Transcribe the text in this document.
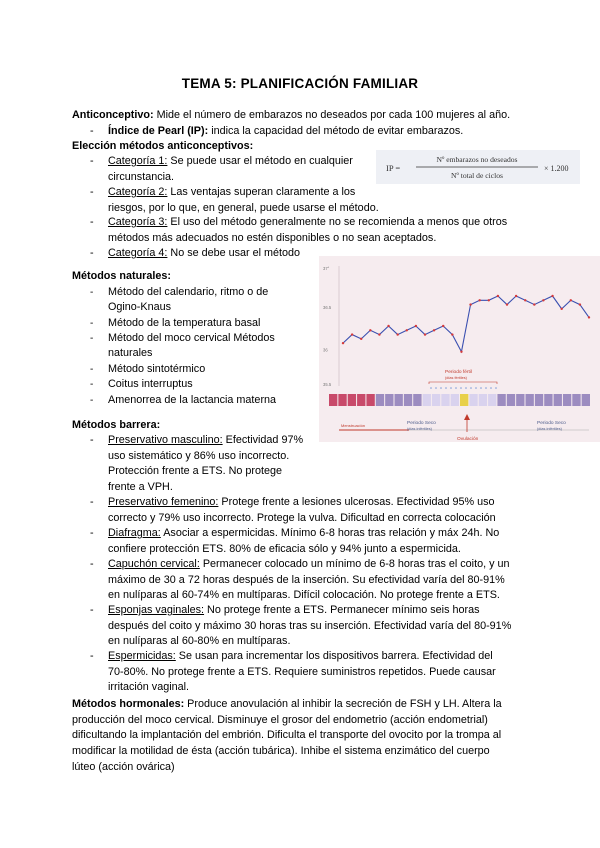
TEMA 5: PLANIFICACIÓN FAMILIAR
Anticonceptivo: Mide el número de embarazos no deseados por cada 100 mujeres al año.
- Índice de Pearl (IP): indica la capacidad del método de evitar embarazos.
Elección métodos anticonceptivos:
- Categoría 1: Se puede usar el método en cualquier
circunstancia.
- Categoría 2: Las ventajas superan claramente a los
riesgos, por lo que, en general, puede usarse el método.
- Categoría 3: El uso del método generalmente no se recomienda a menos que otros
métodos más adecuados no estén disponibles o no sean aceptados.
- Categoría 4: No se debe usar el método
IP =
Nº embarazos no deseados
Nº total de ciclos
× 1.200
Métodos naturales:
- Método del calendario, ritmo o de
Ogino-Knaus
- Método de la temperatura basal
- Método del moco cervical Métodos
naturales
- Método sintotérmico
- Coitus interruptus
- Amenorrea de la lactancia materna
37°
36.5
36
35.5
Periodo fértil
(días fértiles)
Menstruación	Periodo Seco
(días infértiles)
Ovulación
Periodo Seco
(días infértiles)
Métodos barrera:
- Preservativo masculino: Efectividad 97%
uso sistemático y 86% uso incorrecto.
Protección frente a ETS. No protege
frente a VPH.
- Preservativo femenino: Protege frente a lesiones ulcerosas. Efectividad 95% uso
correcto y 79% uso incorrecto. Protege la vulva. Dificultad en correcta colocación
- Diafragma: Asociar a espermicidas. Mínimo 6-8 horas tras relación y máx 24h. No
confiere protección ETS. 80% de eficacia sólo y 94% junto a espermicida.
- Capuchón cervical: Permanecer colocado un mínimo de 6-8 horas tras el coito, y un
máximo de 30 a 72 horas después de la inserción. Su efectividad varía del 80-91%
en nulíparas al 60-74% en multíparas. Difícil colocación. No protege frente a ETS.
- Esponjas vaginales: No protege frente a ETS. Permanecer mínimo seis horas
después del coito y máximo 30 horas tras su inserción. Efectividad varía del 80-91%
en nulíparas al 60-80% en multíparas.
- Espermicidas: Se usan para incrementar los dispositivos barrera. Efectividad del
70-80%. No protege frente a ETS. Requiere suministros repetidos. Puede causar
irritación vaginal.
Métodos hormonales: Produce anovulación al inhibir la secreción de FSH y LH. Altera la
producción del moco cervical. Disminuye el grosor del endometrio (acción endometrial)
dificultando la implantación del embrión. Dificulta el transporte del ovocito por la trompa al
modificar la motilidad de ésta (acción tubárica). Inhibe el sistema enzimático del cuerpo
lúteo (acción ovárica)
